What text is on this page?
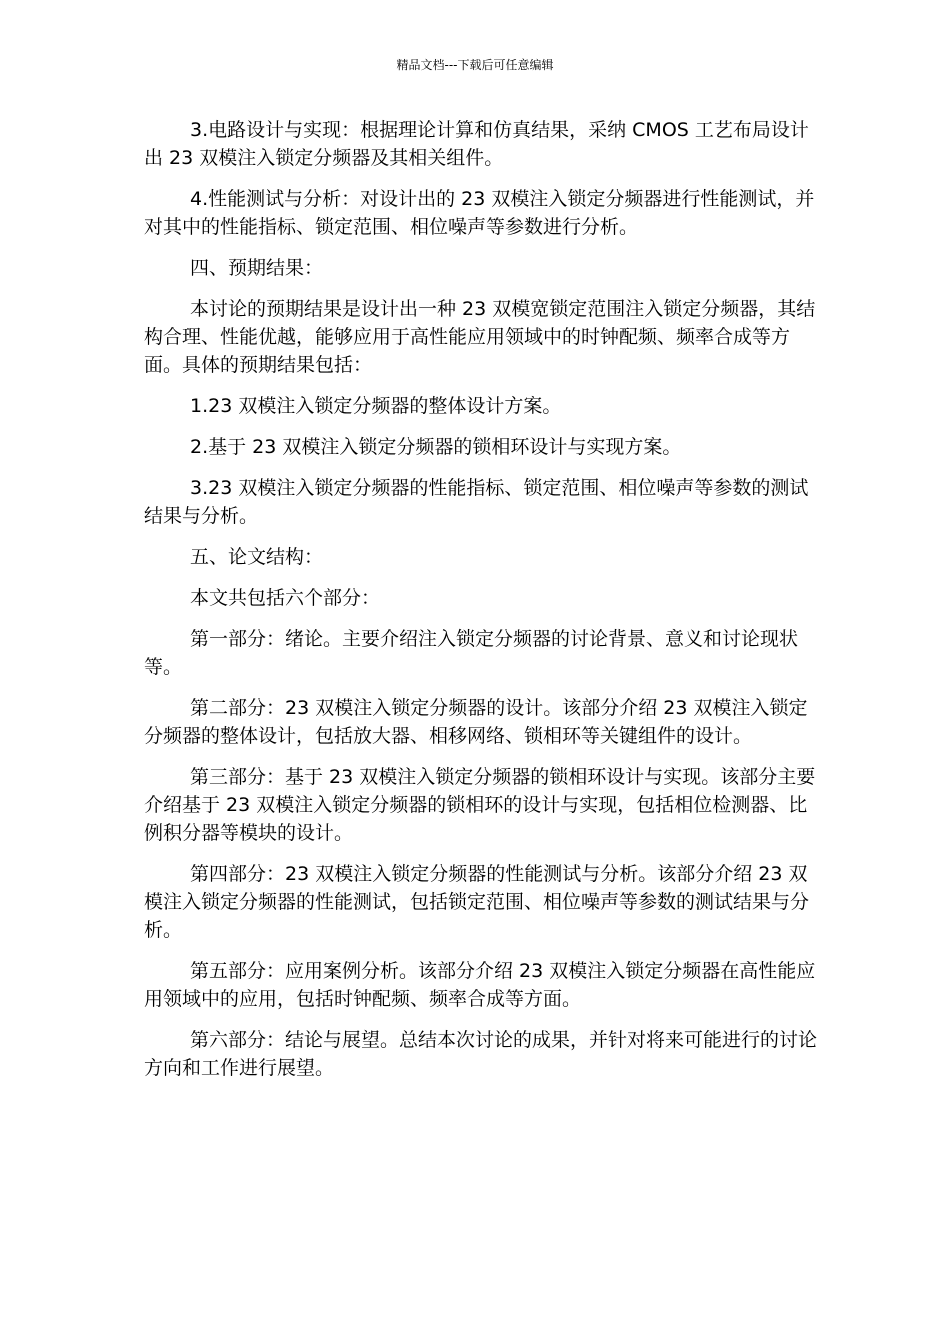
精品文档---下载后可任意编辑

3.电路设计与实现：根据理论计算和仿真结果，采纳 CMOS 工艺布局设计出 23 双模注入锁定分频器及其相关组件。

4.性能测试与分析：对设计出的 23 双模注入锁定分频器进行性能测试，并对其中的性能指标、锁定范围、相位噪声等参数进行分析。

四、预期结果：

本讨论的预期结果是设计出一种 23 双模宽锁定范围注入锁定分频器，其结构合理、性能优越，能够应用于高性能应用领域中的时钟配频、频率合成等方面。具体的预期结果包括：

1.23 双模注入锁定分频器的整体设计方案。

2.基于 23 双模注入锁定分频器的锁相环设计与实现方案。

3.23 双模注入锁定分频器的性能指标、锁定范围、相位噪声等参数的测试结果与分析。

五、论文结构：

本文共包括六个部分：

第一部分：绪论。主要介绍注入锁定分频器的讨论背景、意义和讨论现状等。

第二部分：23 双模注入锁定分频器的设计。该部分介绍 23 双模注入锁定分频器的整体设计，包括放大器、相移网络、锁相环等关键组件的设计。

第三部分：基于 23 双模注入锁定分频器的锁相环设计与实现。该部分主要介绍基于 23 双模注入锁定分频器的锁相环的设计与实现，包括相位检测器、比例积分器等模块的设计。

第四部分：23 双模注入锁定分频器的性能测试与分析。该部分介绍 23 双模注入锁定分频器的性能测试，包括锁定范围、相位噪声等参数的测试结果与分析。

第五部分：应用案例分析。该部分介绍 23 双模注入锁定分频器在高性能应用领域中的应用，包括时钟配频、频率合成等方面。

第六部分：结论与展望。总结本次讨论的成果，并针对将来可能进行的讨论方向和工作进行展望。
